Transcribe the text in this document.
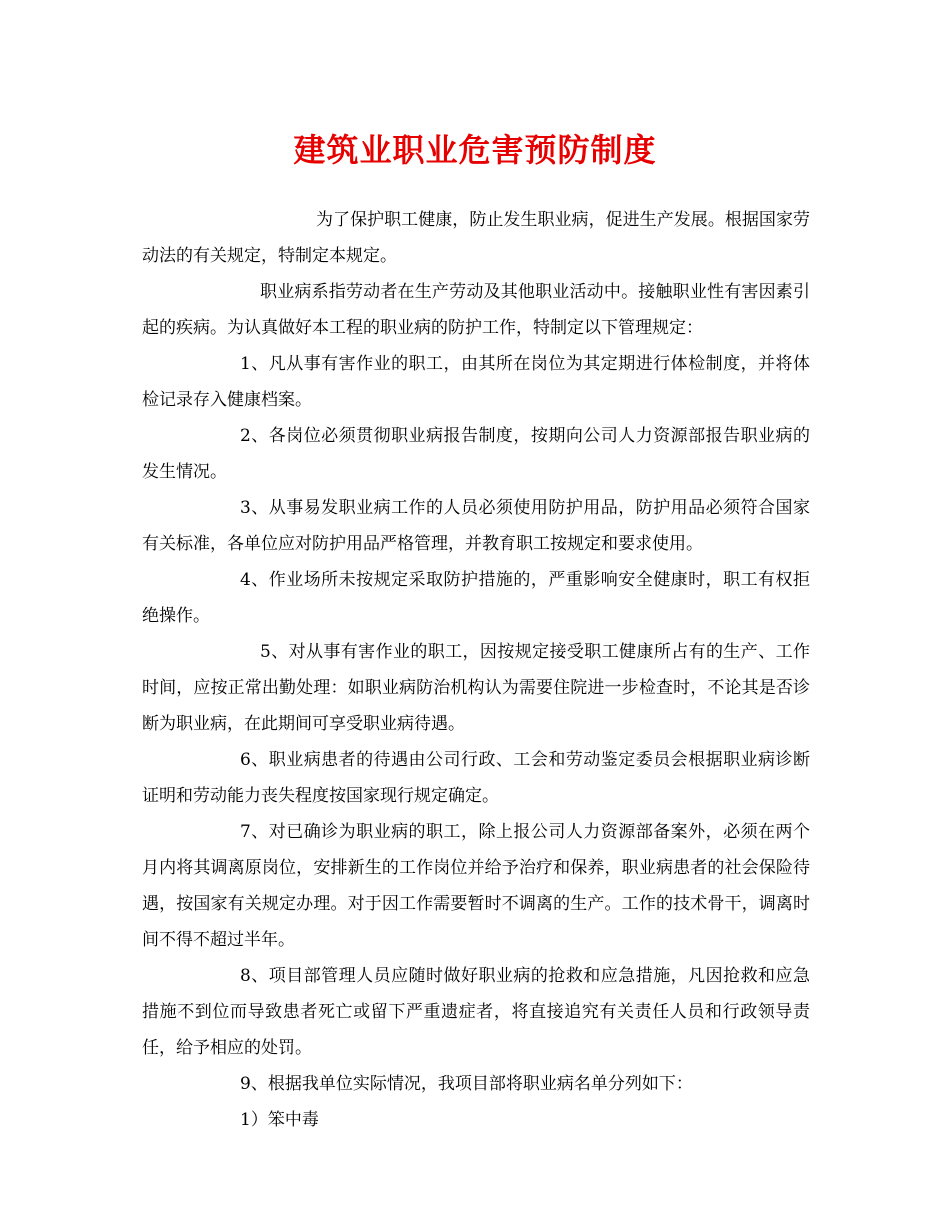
建筑业职业危害预防制度

为了保护职工健康，防止发生职业病，促进生产发展。根据国家劳动法的有关规定，特制定本规定。

职业病系指劳动者在生产劳动及其他职业活动中。接触职业性有害因素引起的疾病。为认真做好本工程的职业病的防护工作，特制定以下管理规定：

1、凡从事有害作业的职工，由其所在岗位为其定期进行体检制度，并将体检记录存入健康档案。

2、各岗位必须贯彻职业病报告制度，按期向公司人力资源部报告职业病的发生情况。

3、从事易发职业病工作的人员必须使用防护用品，防护用品必须符合国家有关标准，各单位应对防护用品严格管理，并教育职工按规定和要求使用。

4、作业场所未按规定采取防护措施的，严重影响安全健康时，职工有权拒绝操作。

5、对从事有害作业的职工，因按规定接受职工健康所占有的生产、工作时间，应按正常出勤处理：如职业病防治机构认为需要住院进一步检查时，不论其是否诊断为职业病，在此期间可享受职业病待遇。

6、职业病患者的待遇由公司行政、工会和劳动鉴定委员会根据职业病诊断证明和劳动能力丧失程度按国家现行规定确定。

7、对已确诊为职业病的职工，除上报公司人力资源部备案外，必须在两个月内将其调离原岗位，安排新生的工作岗位并给予治疗和保养，职业病患者的社会保险待遇，按国家有关规定办理。对于因工作需要暂时不调离的生产。工作的技术骨干，调离时间不得不超过半年。

8、项目部管理人员应随时做好职业病的抢救和应急措施，凡因抢救和应急措施不到位而导致患者死亡或留下严重遗症者，将直接追究有关责任人员和行政领导责任，给予相应的处罚。

9、根据我单位实际情况，我项目部将职业病名单分列如下：

1）笨中毒
